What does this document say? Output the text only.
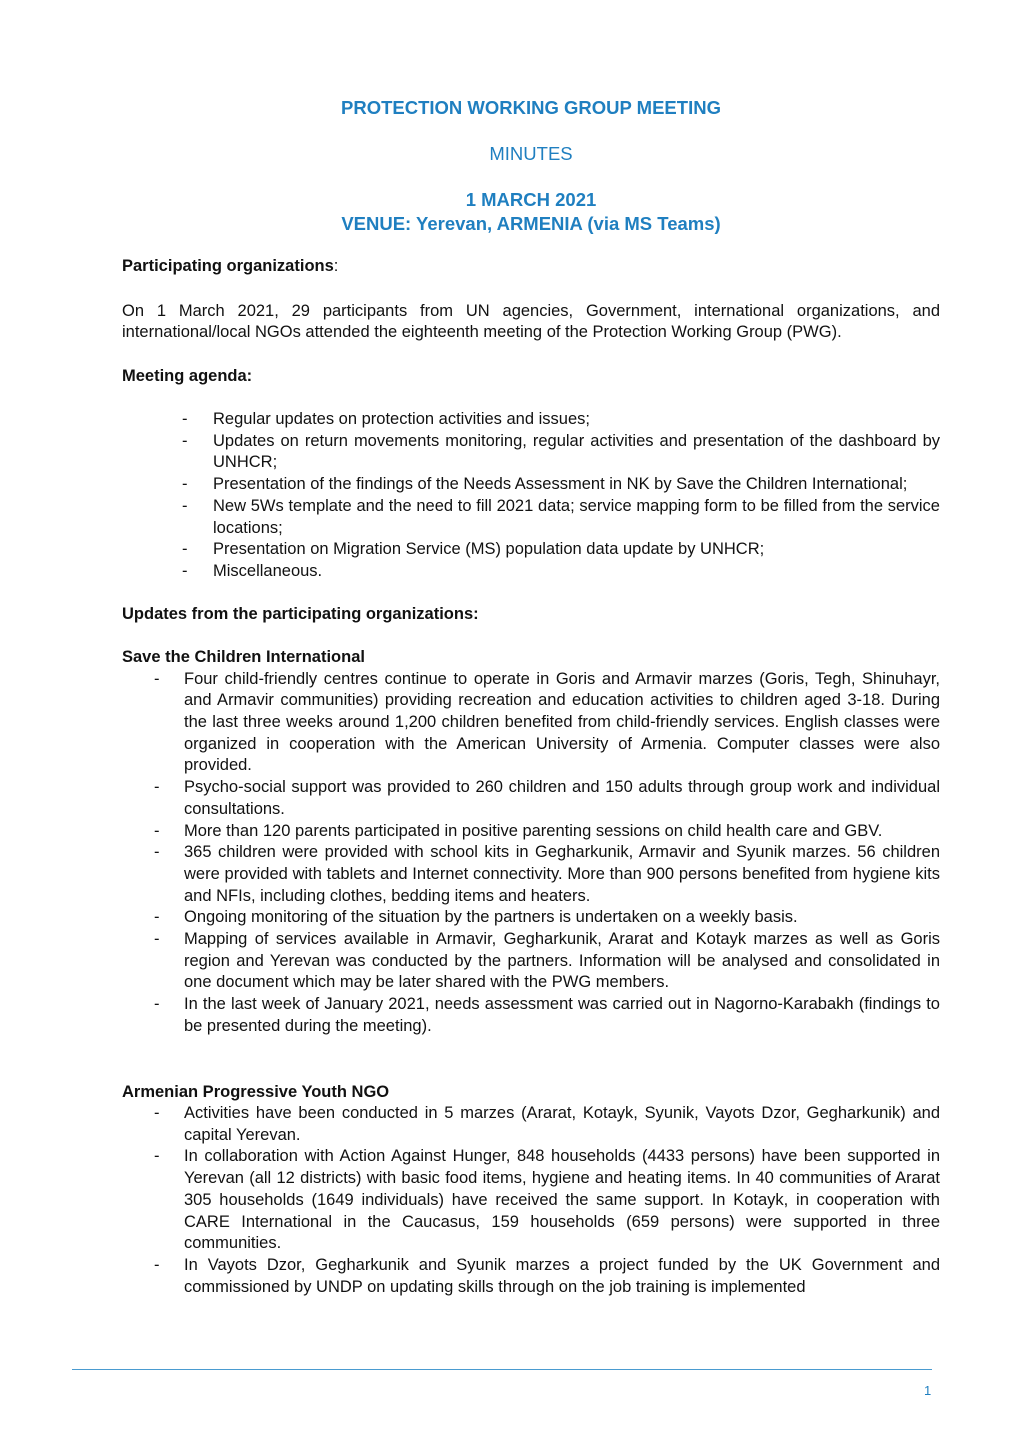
PROTECTION WORKING GROUP MEETING
MINUTES
1 MARCH 2021
VENUE: Yerevan, ARMENIA (via MS Teams)
Participating organizations:
On 1 March 2021, 29 participants from UN agencies, Government, international organizations, and international/local NGOs attended the eighteenth meeting of the Protection Working Group (PWG).
Meeting agenda:
- Regular updates on protection activities and issues;
- Updates on return movements monitoring, regular activities and presentation of the dashboard by UNHCR;
- Presentation of the findings of the Needs Assessment in NK by Save the Children International;
- New 5Ws template and the need to fill 2021 data; service mapping form to be filled from the service locations;
- Presentation on Migration Service (MS) population data update by UNHCR;
- Miscellaneous.
Updates from the participating organizations:
Save the Children International
- Four child-friendly centres continue to operate in Goris and Armavir marzes (Goris, Tegh, Shinuhayr, and Armavir communities) providing recreation and education activities to children aged 3-18. During the last three weeks around 1,200 children benefited from child-friendly services. English classes were organized in cooperation with the American University of Armenia. Computer classes were also provided.
- Psycho-social support was provided to 260 children and 150 adults through group work and individual consultations.
- More than 120 parents participated in positive parenting sessions on child health care and GBV.
- 365 children were provided with school kits in Gegharkunik, Armavir and Syunik marzes. 56 children were provided with tablets and Internet connectivity. More than 900 persons benefited from hygiene kits and NFIs, including clothes, bedding items and heaters.
- Ongoing monitoring of the situation by the partners is undertaken on a weekly basis.
- Mapping of services available in Armavir, Gegharkunik, Ararat and Kotayk marzes as well as Goris region and Yerevan was conducted by the partners. Information will be analysed and consolidated in one document which may be later shared with the PWG members.
- In the last week of January 2021, needs assessment was carried out in Nagorno-Karabakh (findings to be presented during the meeting).
Armenian Progressive Youth NGO
- Activities have been conducted in 5 marzes (Ararat, Kotayk, Syunik, Vayots Dzor, Gegharkunik) and capital Yerevan.
- In collaboration with Action Against Hunger, 848 households (4433 persons) have been supported in Yerevan (all 12 districts) with basic food items, hygiene and heating items. In 40 communities of Ararat 305 households (1649 individuals) have received the same support. In Kotayk, in cooperation with CARE International in the Caucasus, 159 households (659 persons) were supported in three communities.
- In Vayots Dzor, Gegharkunik and Syunik marzes a project funded by the UK Government and commissioned by UNDP on updating skills through on the job training is implemented
1
